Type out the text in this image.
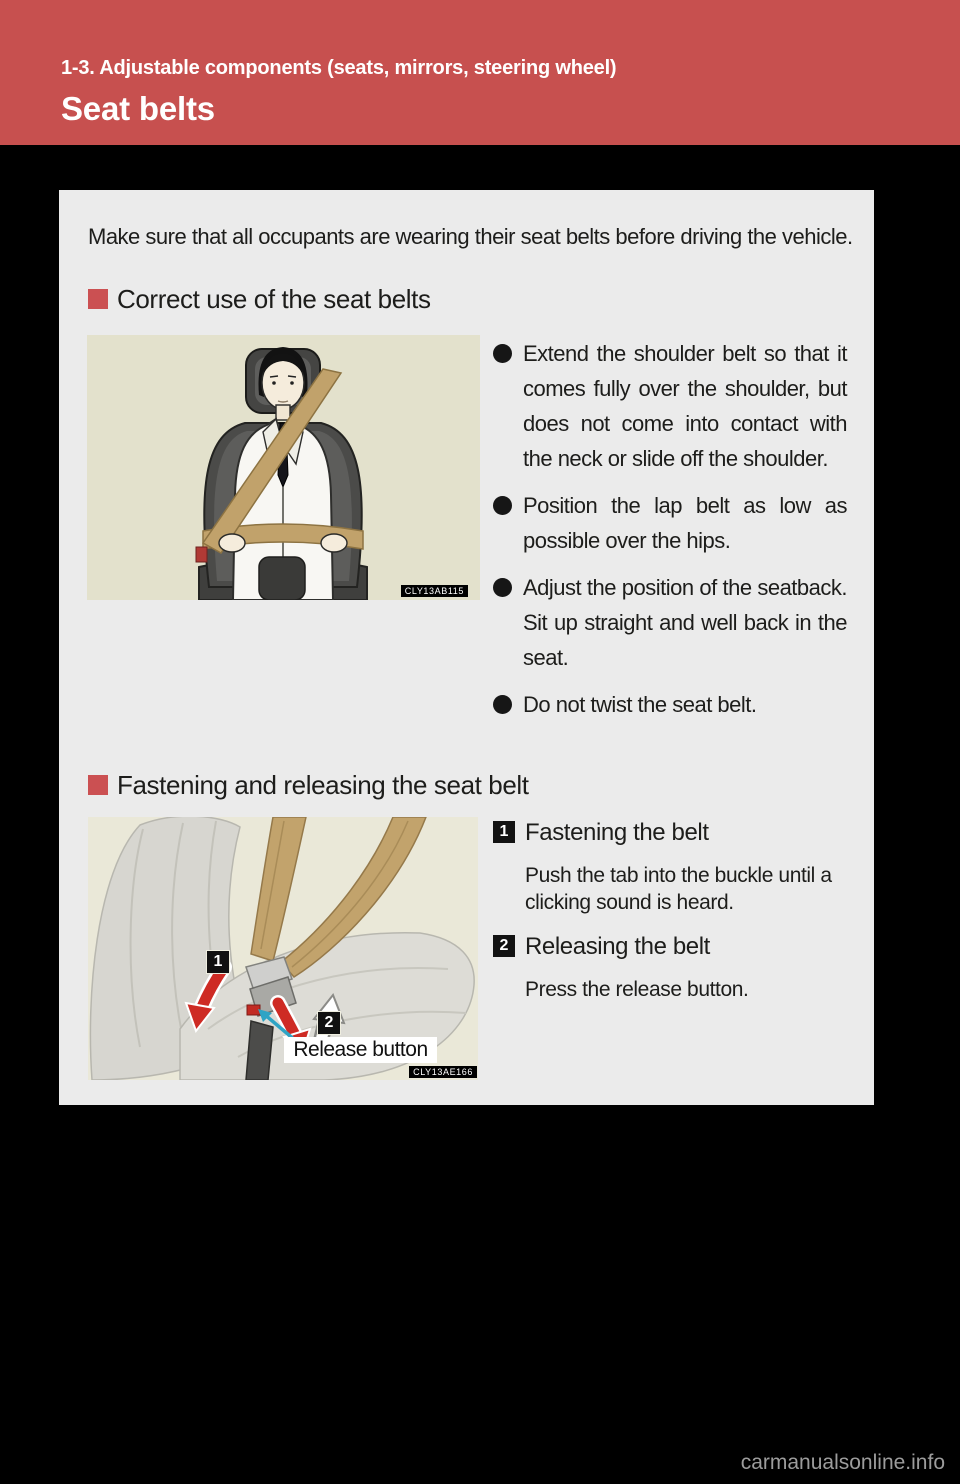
1-3. Adjustable components (seats, mirrors, steering wheel)
Seat belts

Make sure that all occupants are wearing their seat belts before driving the vehicle.

Correct use of the seat belts
CLY13AB115
Extend the shoulder belt so that it comes fully over the shoulder, but does not come into contact with the neck or slide off the shoulder.
Position the lap belt as low as possible over the hips.
Adjust the position of the seatback. Sit up straight and well back in the seat.
Do not twist the seat belt.
Fastening and releasing the seat belt
1
2
Release button
CLY13AE166
1 Fastening the belt

Push the tab into the buckle until a clicking sound is heard.

2 Releasing the belt

Press the release button.

carmanualsonline.info
